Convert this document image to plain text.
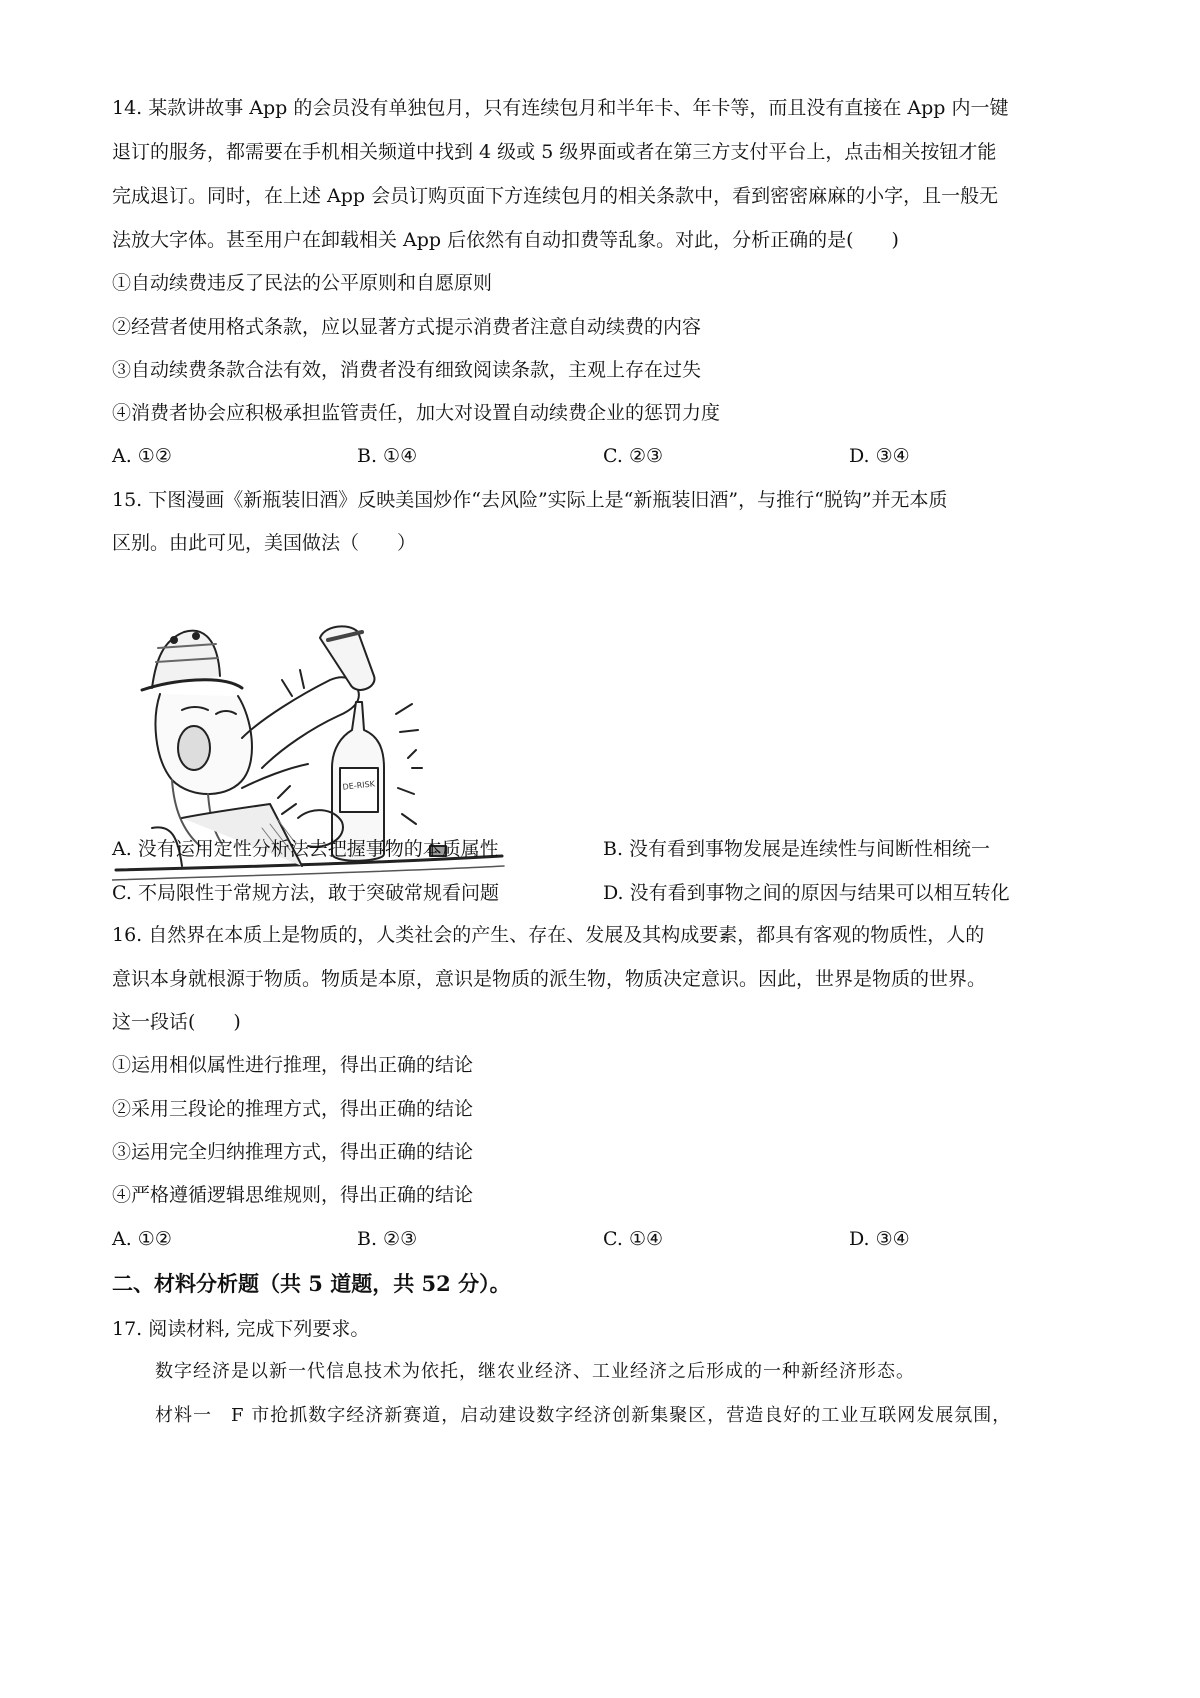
14. 某款讲故事 App 的会员没有单独包月，只有连续包月和半年卡、年卡等，而且没有直接在 App 内一键
退订的服务，都需要在手机相关频道中找到 4 级或 5 级界面或者在第三方支付平台上，点击相关按钮才能
完成退订。同时，在上述 App 会员订购页面下方连续包月的相关条款中，看到密密麻麻的小字，且一般无
法放大字体。甚至用户在卸载相关 App 后依然有自动扣费等乱象。对此，分析正确的是(　　)
①自动续费违反了民法的公平原则和自愿原则
②经营者使用格式条款，应以显著方式提示消费者注意自动续费的内容
③自动续费条款合法有效，消费者没有细致阅读条款，主观上存在过失
④消费者协会应积极承担监管责任，加大对设置自动续费企业的惩罚力度
A. ①②	B. ①④	C. ②③	D. ③④
15. 下图漫画《新瓶装旧酒》反映美国炒作“去风险”实际上是“新瓶装旧酒”，与推行“脱钩”并无本质
区别。由此可见，美国做法（　　）
DE-RISK
A. 没有运用定性分析法去把握事物的本质属性	B. 没有看到事物发展是连续性与间断性相统一
C. 不局限性于常规方法，敢于突破常规看问题	D. 没有看到事物之间的原因与结果可以相互转化
16. 自然界在本质上是物质的，人类社会的产生、存在、发展及其构成要素，都具有客观的物质性，人的
意识本身就根源于物质。物质是本原，意识是物质的派生物，物质决定意识。因此，世界是物质的世界。
这一段话(　　)
①运用相似属性进行推理，得出正确的结论
②采用三段论的推理方式，得出正确的结论
③运用完全归纳推理方式，得出正确的结论
④严格遵循逻辑思维规则，得出正确的结论
A. ①②	B. ②③	C. ①④	D. ③④
二、材料分析题（共 5 道题，共 52 分）。
17. 阅读材料, 完成下列要求。
数字经济是以新一代信息技术为依托，继农业经济、工业经济之后形成的一种新经济形态。
材料一　F 市抢抓数字经济新赛道，启动建设数字经济创新集聚区，营造良好的工业互联网发展氛围，
